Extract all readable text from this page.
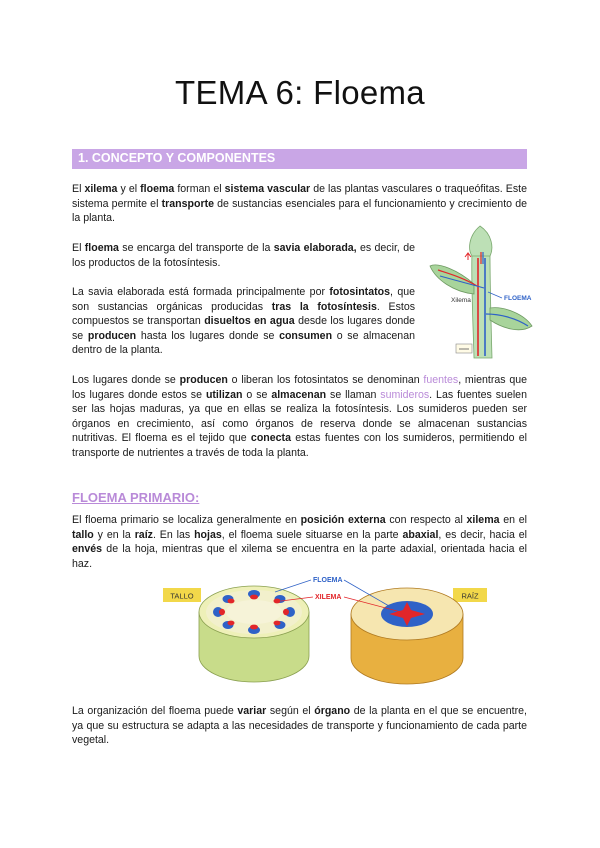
TEMA 6: Floema
1. CONCEPTO Y COMPONENTES

El xilema y el floema forman el sistema vascular de las plantas vasculares o traqueófitas. Este sistema permite el transporte de sustancias esenciales para el funcionamiento y crecimiento de la planta.

El floema se encarga del transporte de la savia elaborada, es decir, de los productos de la fotosíntesis.

La savia elaborada está formada principalmente por fotosintatos, que son sustancias orgánicas producidas tras la fotosíntesis. Estos compuestos se transportan disueltos en agua desde los lugares donde se producen hasta los lugares donde se consumen o se almacenan dentro de la planta.

Xilema	FLOEMA

Los lugares donde se producen o liberan los fotosintatos se denominan fuentes, mientras que los lugares donde estos se utilizan o se almacenan se llaman sumideros. Las fuentes suelen ser las hojas maduras, ya que en ellas se realiza la fotosíntesis. Los sumideros pueden ser órganos en crecimiento, así como órganos de reserva donde se almacenan sustancias nutritivas. El floema es el tejido que conecta estas fuentes con los sumideros, permitiendo el transporte de nutrientes a través de toda la planta.

FLOEMA PRIMARIO:

El floema primario se localiza generalmente en posición externa con respecto al xilema en el tallo y en la raíz. En las hojas, el floema suele situarse en la parte abaxial, es decir, hacia el envés de la hoja, mientras que el xilema se encuentra en la parte adaxial, orientada hacia el haz.

TALLO	RAÍZ
FLOEMA
XILEMA

La organización del floema puede variar según el órgano de la planta en el que se encuentre, ya que su estructura se adapta a las necesidades de transporte y funcionamiento de cada parte vegetal.
